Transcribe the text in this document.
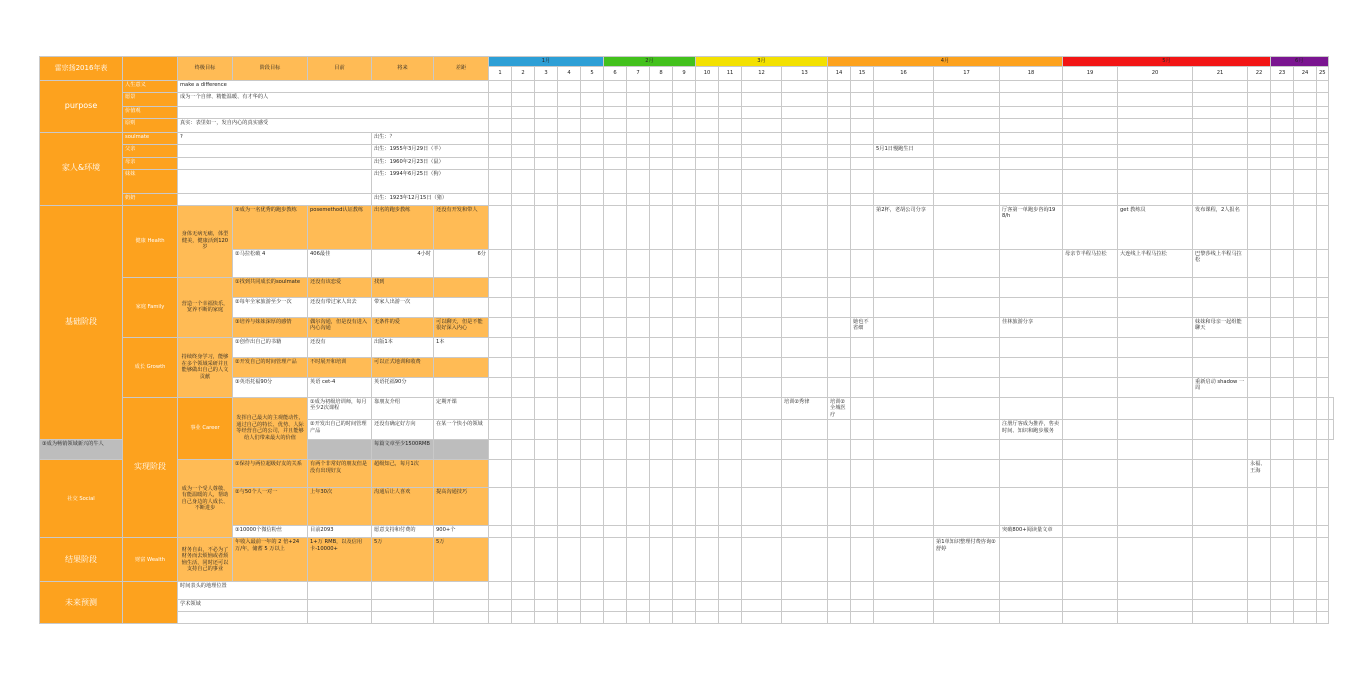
雷宗扬2016年表		终极目标	阶段目标	目前	将来	差距	1月					2月				3月				4月					5月				6月			
							1	2	3	4	5	6	7	8	9	10	11	12	13	14	15	16	17	18	19	20	21	22	23	24	25	
purpose	人生意义	make a difference																														
	愿景	成为一个自律、精能温暖、有才华的人																														
	价值观																															
	原则	真实：表里如一，发自内心的真实感受																														
家人&环境	soulmate	?			出生：？																											
	父亲				出生：1955年3月29日（羊）																	5月1日慢跑生日										
	母亲				出生：1960年2月23日（鼠）																											
	妹妹				出生：1994年6月25日（狗）																											
	奶奶				出生：1923年12月15日（猪）																											
基础阶段	健康 Health	身体无病无痛，体型健美，健康活到120 岁	①成为一名优秀的跑步教练	posemethod认证教练	出名的跑步教练	还没有开发和带人																第2杯，老胡公司分享		厅客第一单跑步咨询198/h		get 教练员	发布课程，2人报名					
			②马拉松破 4	406最佳	4小时	6分																			母亲节半程马拉松	大连线上半程马拉松	巴黎莎线上半程马拉松					
	家庭 Family	营造一个幸福快乐，宽养不断的家庭	①找到共同成长的soulmate	还没有该恋爱	找到																											
			②每年全家旅游至少一次	还没有带过家人出去	带家人出游一次																											
			③培养与妹妹深厚的感情	偶尔沟通，但是没有进入内心沟通	无条件的爱	可以聊天，但是不能很好深入内心															她也不省细			佳林旅游分享			妹妹和母亲一起组能聊天					
	成长 Growth	持续终身学习，能够在多个领域采研并且能够做出自己的人文贡献	①创作出自己的书籍	还没有	出版1本	1本																										
			②开发自己的时间管理产品	不时展开和培训	可以正式地训和收费																											
			③英语托福90分	英语 cet-4	英语托福90分																						重新启动 shadow 一周					
	实现阶段	事业 Career	发挥自己最大的主观能动性，通过自己的特长、优势、人际等经营自己的公司，并且能够给人们带来最大的价值	①成为初级培训师，每月至少2次课程	靠朋友介绍	定期开课													培训②秀律	培训②全城医疗												
				②开发出自己的时间管理产品	还没有确定好方向	在某一个快小的领域																		注册厅客成为推荐，售卖时间、知识和跑步服务								
③成为畅销领域新兴的牛人					每篇文章至少1500RMB																											
社交 Social		成为一个受人尊敬、有能温暖的人，帮助自己身边的人成长、不断进步	①保持与两位超级好友的关系	有两个非常好的朋友但是没有出现好友	超级知己，每月1次																							永福、王海				
			②与50个人一对一	上年30次	沟通后让人喜欢	提高沟通技巧																										
			③10000个微信粉丝	目前2093	愿意支持和付费的	900+个																		突破800+阅读量文章								
结果阶段	财富 Wealth	财务自由，不必为了财务而去烦恼或者烦恼生活，同时还可以支持自己的事业	年收入最前一年的 2 倍+24万/年，储蓄 5 万以上	1+万 RMB，以及信用卡-10000+	5万	5万																	第1单知识整理付费咨询②舒婷									
未来预测		时间表头的地理位置																														
		学术领域																														
